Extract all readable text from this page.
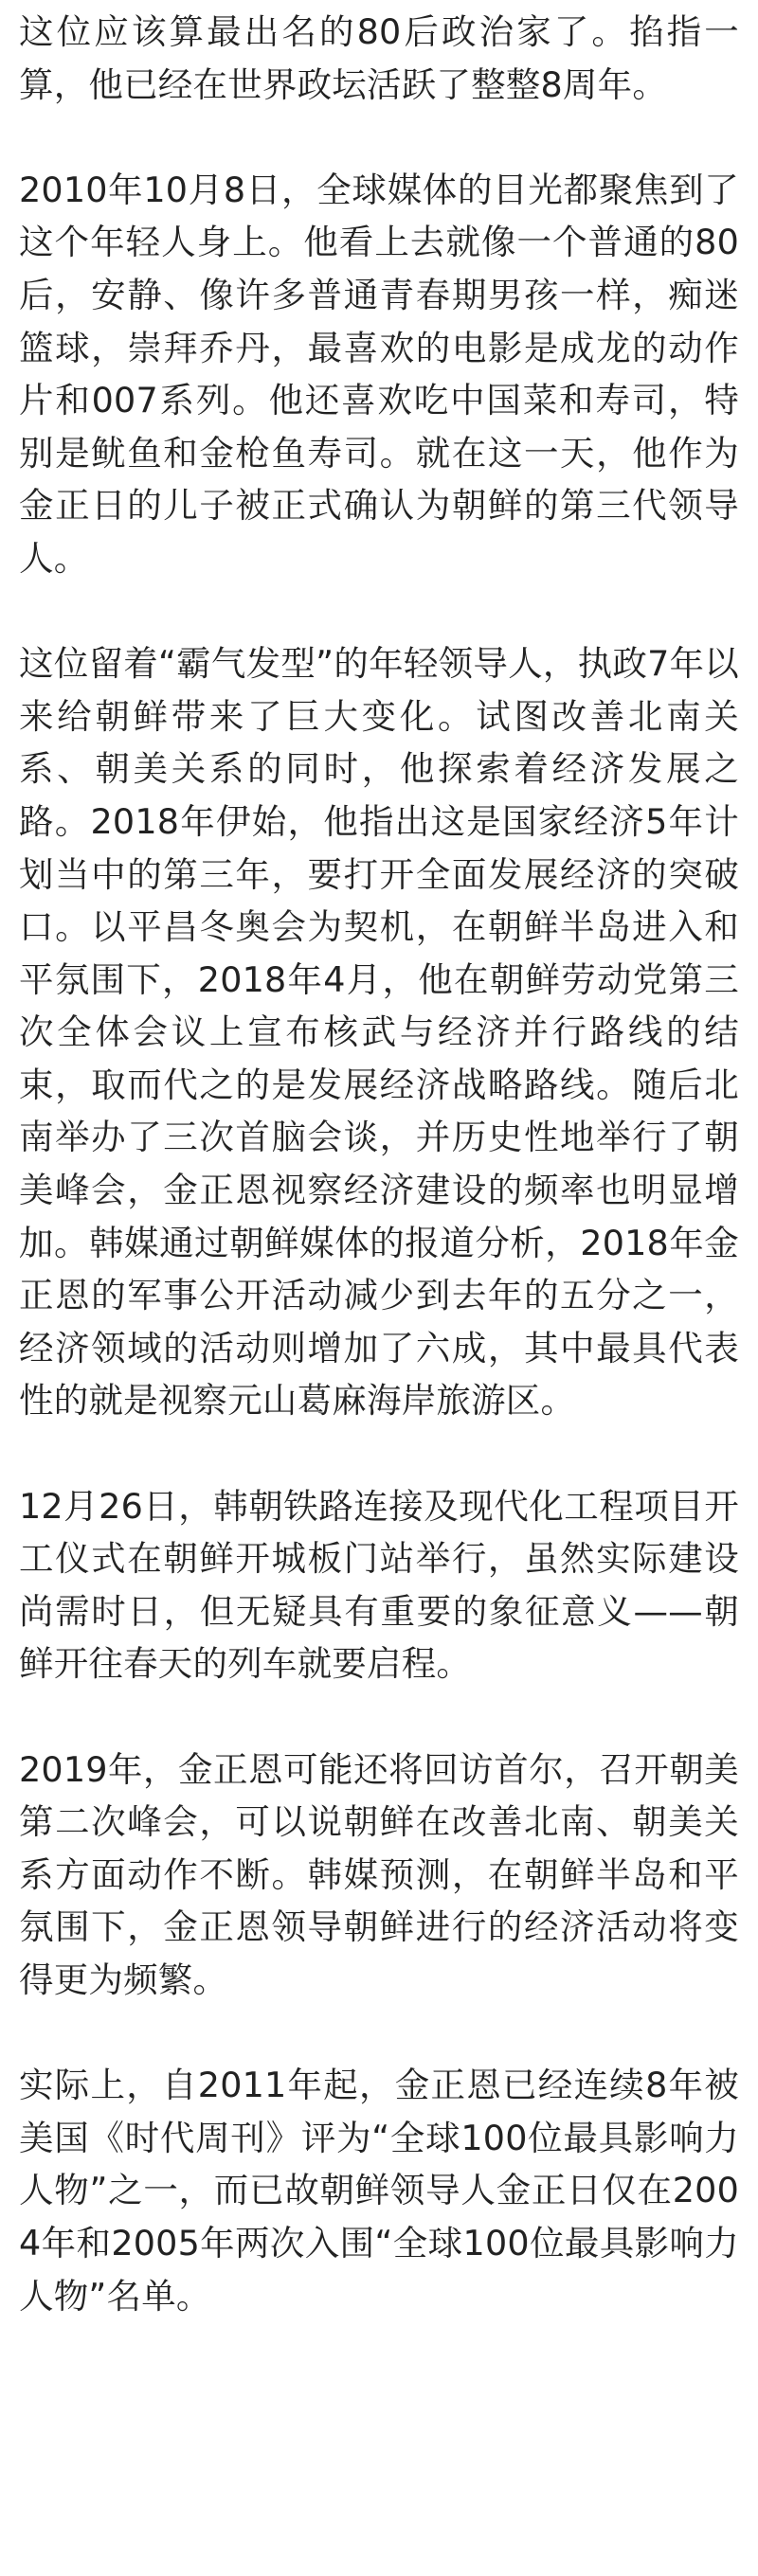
这位应该算最出名的80后政治家了。掐指一算，他已经在世界政坛活跃了整整8周年。

2010年10月8日，全球媒体的目光都聚焦到了这个年轻人身上。他看上去就像一个普通的80后，安静、像许多普通青春期男孩一样，痴迷篮球，崇拜乔丹，最喜欢的电影是成龙的动作片和007系列。他还喜欢吃中国菜和寿司，特别是鱿鱼和金枪鱼寿司。就在这一天，他作为金正日的儿子被正式确认为朝鲜的第三代领导人。

这位留着“霸气发型”的年轻领导人，执政7年以来给朝鲜带来了巨大变化。试图改善北南关系、朝美关系的同时，他探索着经济发展之路。2018年伊始，他指出这是国家经济5年计划当中的第三年，要打开全面发展经济的突破口。以平昌冬奥会为契机，在朝鲜半岛进入和平氛围下，2018年4月，他在朝鲜劳动党第三次全体会议上宣布核武与经济并行路线的结束，取而代之的是发展经济战略路线。随后北南举办了三次首脑会谈，并历史性地举行了朝美峰会，金正恩视察经济建设的频率也明显增加。韩媒通过朝鲜媒体的报道分析，2018年金正恩的军事公开活动减少到去年的五分之一，经济领域的活动则增加了六成，其中最具代表性的就是视察元山葛麻海岸旅游区。

12月26日，韩朝铁路连接及现代化工程项目开工仪式在朝鲜开城板门站举行，虽然实际建设尚需时日，但无疑具有重要的象征意义——朝鲜开往春天的列车就要启程。

2019年，金正恩可能还将回访首尔，召开朝美第二次峰会，可以说朝鲜在改善北南、朝美关系方面动作不断。韩媒预测，在朝鲜半岛和平氛围下，金正恩领导朝鲜进行的经济活动将变得更为频繁。

实际上，自2011年起，金正恩已经连续8年被美国《时代周刊》评为“全球100位最具影响力人物”之一，而已故朝鲜领导人金正日仅在2004年和2005年两次入围“全球100位最具影响力人物”名单。
